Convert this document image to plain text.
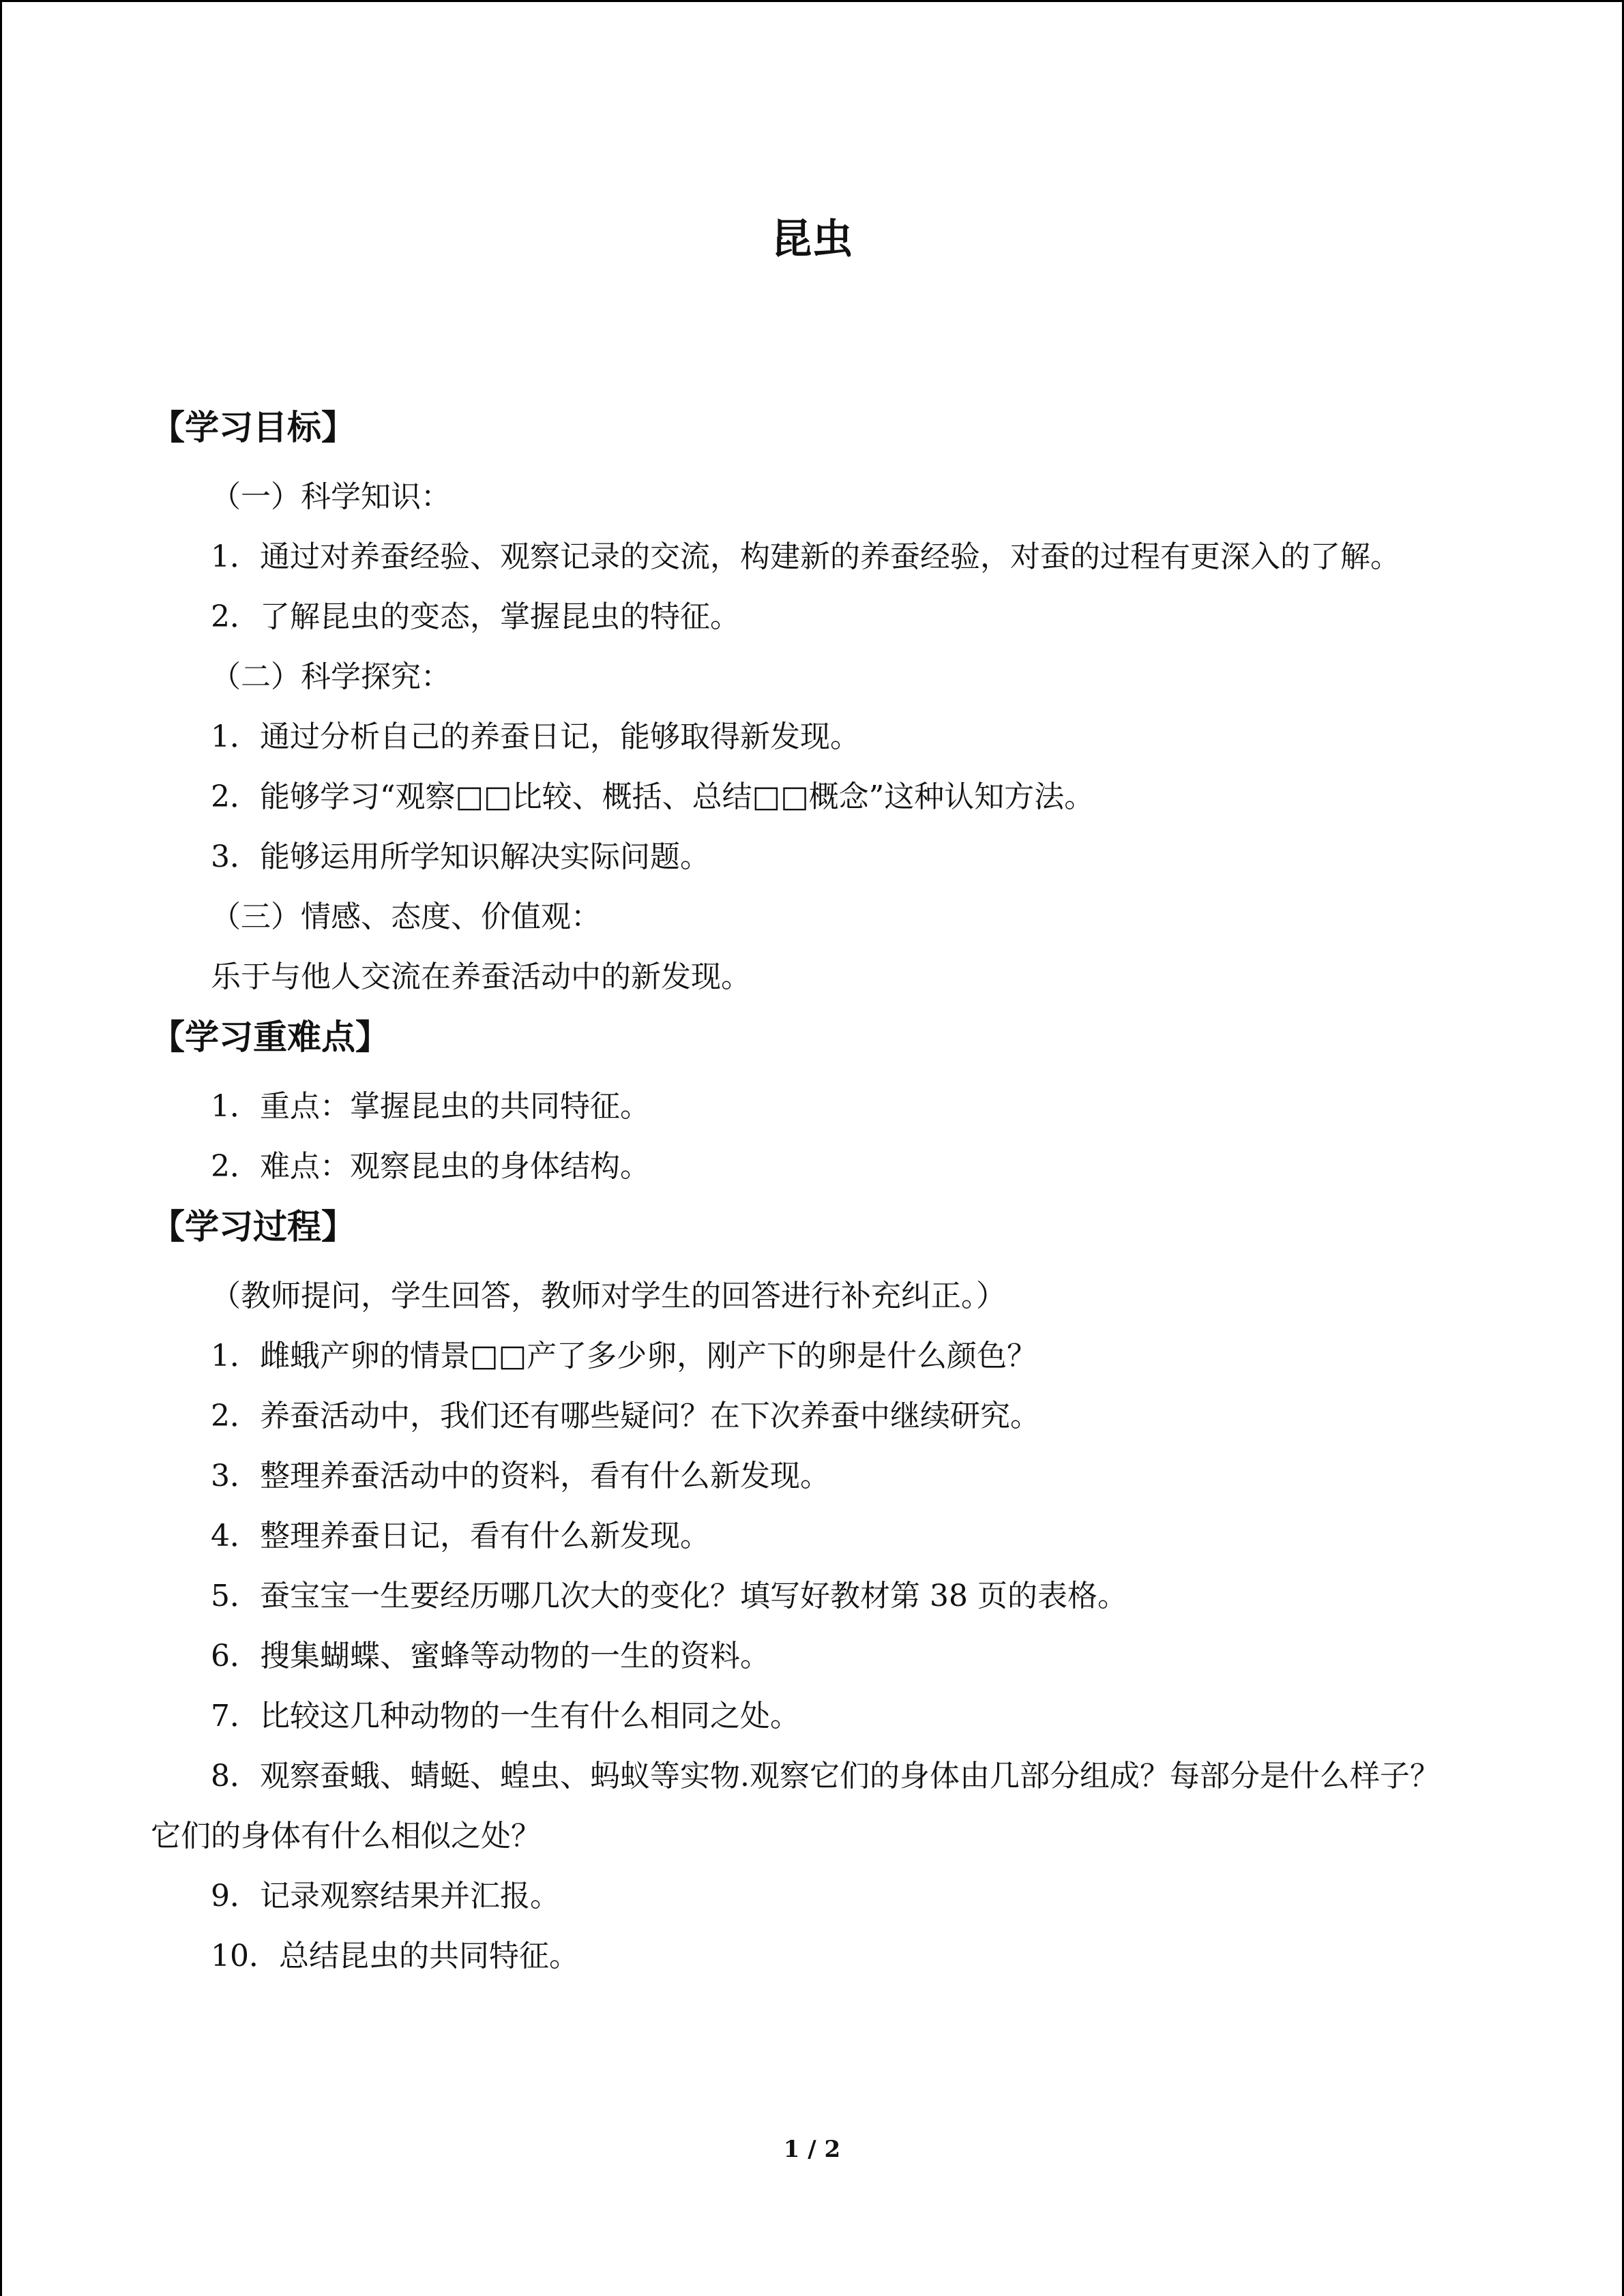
昆虫
【学习目标】

（一）科学知识：

1．通过对养蚕经验、观察记录的交流，构建新的养蚕经验，对蚕的过程有更深入的了解。

2．了解昆虫的变态，掌握昆虫的特征。

（二）科学探究：

1．通过分析自己的养蚕日记，能够取得新发现。

2．能够学习“观察□□比较、概括、总结□□概念”这种认知方法。

3．能够运用所学知识解决实际问题。

（三）情感、态度、价值观：

乐于与他人交流在养蚕活动中的新发现。

【学习重难点】

1．重点：掌握昆虫的共同特征。

2．难点：观察昆虫的身体结构。

【学习过程】

（教师提问，学生回答，教师对学生的回答进行补充纠正。）

1．雌蛾产卵的情景□□产了多少卵，刚产下的卵是什么颜色？

2．养蚕活动中，我们还有哪些疑问？在下次养蚕中继续研究。

3．整理养蚕活动中的资料，看有什么新发现。

4．整理养蚕日记，看有什么新发现。

5．蚕宝宝一生要经历哪几次大的变化？填写好教材第 38 页的表格。

6．搜集蝴蝶、蜜蜂等动物的一生的资料。

7．比较这几种动物的一生有什么相同之处。

8．观察蚕蛾、蜻蜓、蝗虫、蚂蚁等实物.观察它们的身体由几部分组成？每部分是什么样子？它们的身体有什么相似之处？

9．记录观察结果并汇报。

10．总结昆虫的共同特征。

1 / 2
